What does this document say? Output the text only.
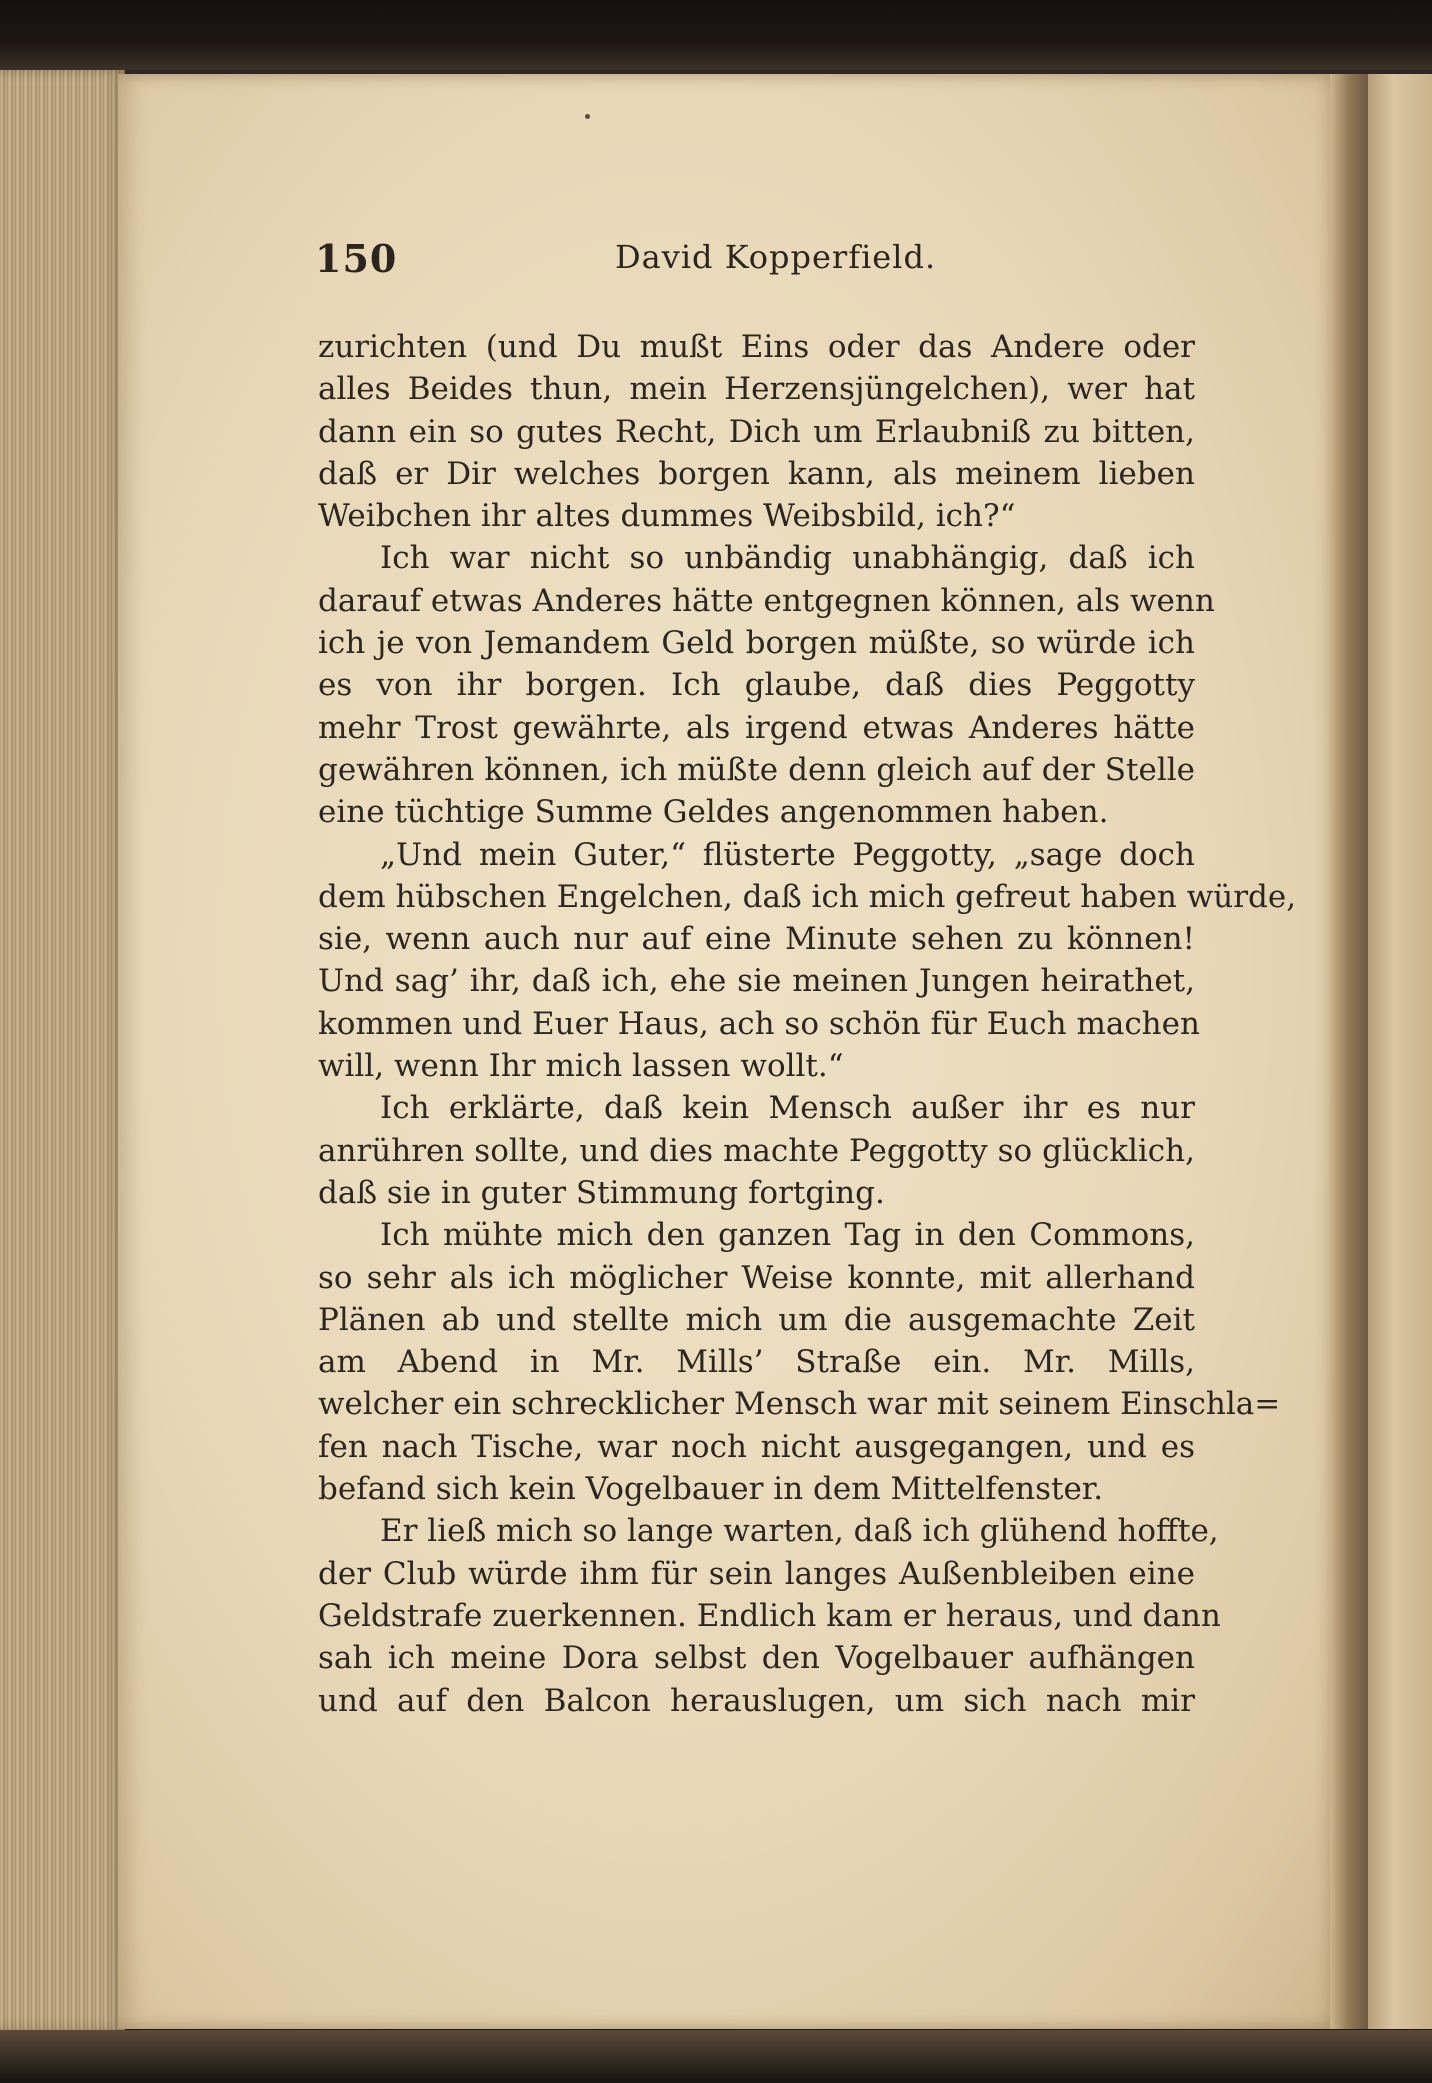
150	David Kopperfield.
zurichten (und Du mußt Eins oder das Andere oder
alles Beides thun, mein Herzensjüngelchen), wer hat
dann ein so gutes Recht, Dich um Erlaubniß zu bitten,
daß er Dir welches borgen kann, als meinem lieben
Weibchen ihr altes dummes Weibsbild, ich?“
Ich war nicht so unbändig unabhängig, daß ich
darauf etwas Anderes hätte entgegnen können, als wenn
ich je von Jemandem Geld borgen müßte, so würde ich
es von ihr borgen. Ich glaube, daß dies Peggotty
mehr Trost gewährte, als irgend etwas Anderes hätte
gewähren können, ich müßte denn gleich auf der Stelle
eine tüchtige Summe Geldes angenommen haben.
„Und mein Guter,“ flüsterte Peggotty, „sage doch
dem hübschen Engelchen, daß ich mich gefreut haben würde,
sie, wenn auch nur auf eine Minute sehen zu können!
Und sag’ ihr, daß ich, ehe sie meinen Jungen heirathet,
kommen und Euer Haus, ach so schön für Euch machen
will, wenn Ihr mich lassen wollt.“
Ich erklärte, daß kein Mensch außer ihr es nur
anrühren sollte, und dies machte Peggotty so glücklich,
daß sie in guter Stimmung fortging.
Ich mühte mich den ganzen Tag in den Commons,
so sehr als ich möglicher Weise konnte, mit allerhand
Plänen ab und stellte mich um die ausgemachte Zeit
am Abend in Mr. Mills’ Straße ein. Mr. Mills,
welcher ein schrecklicher Mensch war mit seinem Einschla=
fen nach Tische, war noch nicht ausgegangen, und es
befand sich kein Vogelbauer in dem Mittelfenster.
Er ließ mich so lange warten, daß ich glühend hoffte,
der Club würde ihm für sein langes Außenbleiben eine
Geldstrafe zuerkennen. Endlich kam er heraus, und dann
sah ich meine Dora selbst den Vogelbauer aufhängen
und auf den Balcon herauslugen, um sich nach mir
